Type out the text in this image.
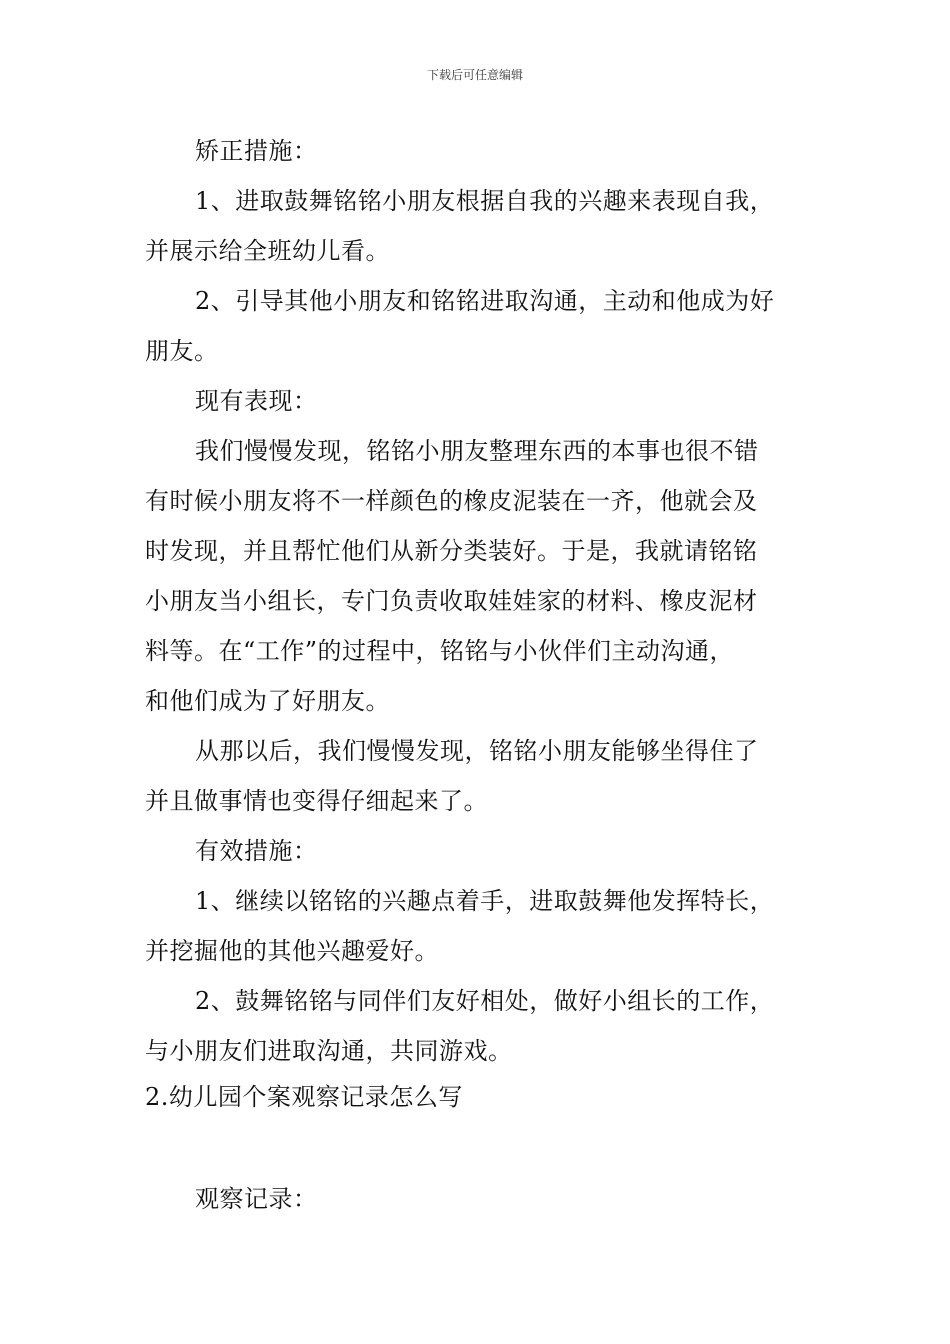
下载后可任意编辑
矫正措施：
1、进取鼓舞铭铭小朋友根据自我的兴趣来表现自我，
并展示给全班幼儿看。
2、引导其他小朋友和铭铭进取沟通，主动和他成为好
朋友。
现有表现：
我们慢慢发现，铭铭小朋友整理东西的本事也很不错
有时候小朋友将不一样颜色的橡皮泥装在一齐，他就会及
时发现，并且帮忙他们从新分类装好。于是，我就请铭铭
小朋友当小组长，专门负责收取娃娃家的材料、橡皮泥材
料等。在“工作”的过程中，铭铭与小伙伴们主动沟通，
和他们成为了好朋友。
从那以后，我们慢慢发现，铭铭小朋友能够坐得住了
并且做事情也变得仔细起来了。
有效措施：
1、继续以铭铭的兴趣点着手，进取鼓舞他发挥特长，
并挖掘他的其他兴趣爱好。
2、鼓舞铭铭与同伴们友好相处，做好小组长的工作，
与小朋友们进取沟通，共同游戏。
2.幼儿园个案观察记录怎么写
观察记录：
